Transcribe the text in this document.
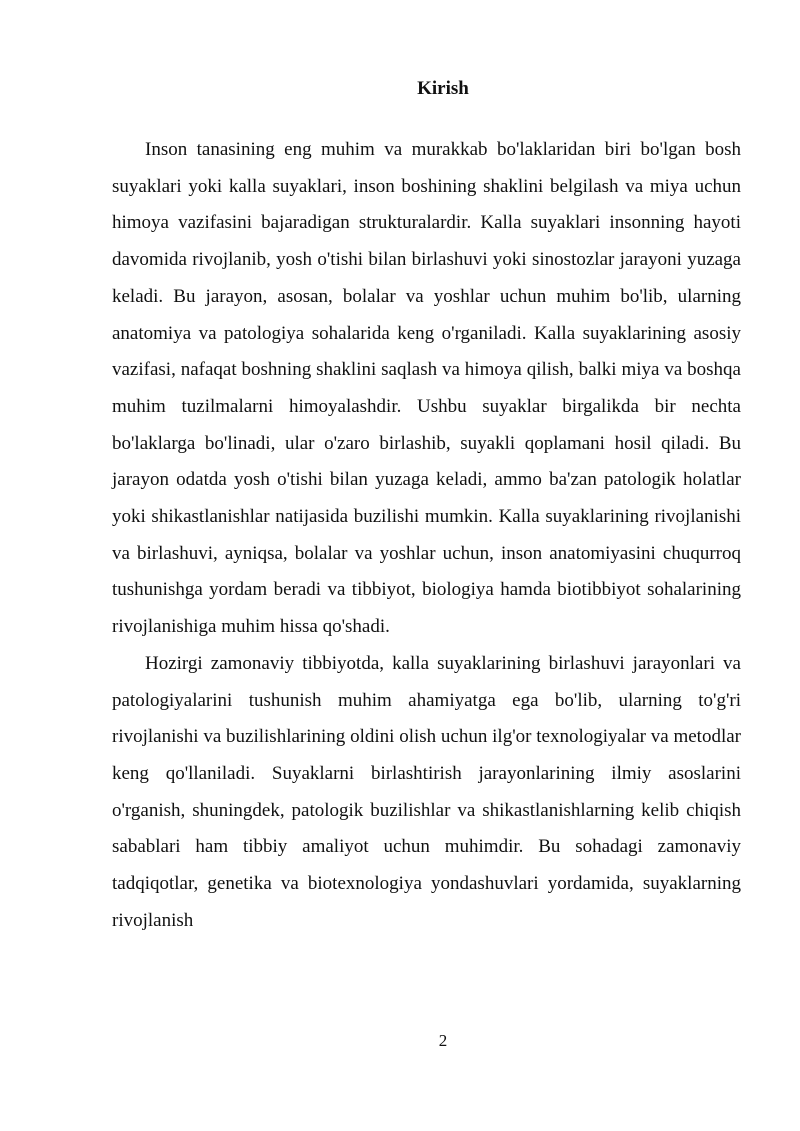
Kirish

Inson tanasining eng muhim va murakkab bo'laklaridan biri bo'lgan bosh suyaklari yoki kalla suyaklari, inson boshining shaklini belgilash va miya uchun himoya vazifasini bajaradigan strukturalardir. Kalla suyaklari insonning hayoti davomida rivojlanib, yosh o'tishi bilan birlashuvi yoki sinostozlar jarayoni yuzaga keladi. Bu jarayon, asosan, bolalar va yoshlar uchun muhim bo'lib, ularning anatomiya va patologiya sohalarida keng o'rganiladi. Kalla suyaklarining asosiy vazifasi, nafaqat boshning shaklini saqlash va himoya qilish, balki miya va boshqa muhim tuzilmalarni himoyalashdir. Ushbu suyaklar birgalikda bir nechta bo'laklarga bo'linadi, ular o'zaro birlashib, suyakli qoplamani hosil qiladi. Bu jarayon odatda yosh o'tishi bilan yuzaga keladi, ammo ba'zan patologik holatlar yoki shikastlanishlar natijasida buzilishi mumkin. Kalla suyaklarining rivojlanishi va birlashuvi, ayniqsa, bolalar va yoshlar uchun, inson anatomiyasini chuqurroq tushunishga yordam beradi va tibbiyot, biologiya hamda biotibbiyot sohalarining rivojlanishiga muhim hissa qo'shadi.

Hozirgi zamonaviy tibbiyotda, kalla suyaklarining birlashuvi jarayonlari va patologiyalarini tushunish muhim ahamiyatga ega bo'lib, ularning to'g'ri rivojlanishi va buzilishlarining oldini olish uchun ilg'or texnologiyalar va metodlar keng qo'llaniladi. Suyaklarni birlashtirish jarayonlarining ilmiy asoslarini o'rganish, shuningdek, patologik buzilishlar va shikastlanishlarning kelib chiqish sabablari ham tibbiy amaliyot uchun muhimdir. Bu sohadagi zamonaviy tadqiqotlar, genetika va biotexnologiya yondashuvlari yordamida, suyaklarning rivojlanish

2
